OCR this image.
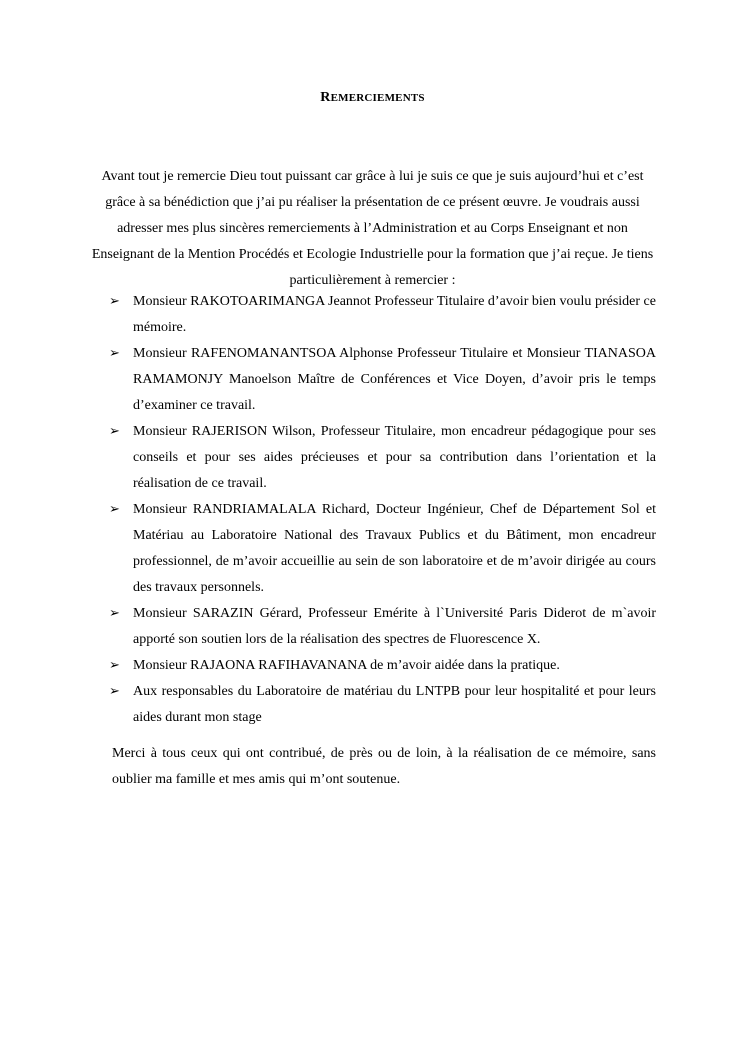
REMERCIEMENTS

Avant tout je remercie Dieu tout puissant car grâce à lui je suis ce que je suis aujourd’hui et c’est grâce à sa bénédiction que j’ai pu réaliser la présentation de ce présent œuvre. Je voudrais aussi adresser mes plus sincères remerciements à l’Administration et au Corps Enseignant et non Enseignant de la Mention Procédés et Ecologie Industrielle pour la formation que j’ai reçue. Je tiens particulièrement à remercier :

➢ Monsieur RAKOTOARIMANGA Jeannot Professeur Titulaire d’avoir bien voulu présider ce mémoire.
➢ Monsieur RAFENOMANANTSOA Alphonse Professeur Titulaire et Monsieur TIANASOA RAMAMONJY Manoelson Maître de Conférences et Vice Doyen, d’avoir pris le temps d’examiner ce travail.
➢ Monsieur RAJERISON Wilson, Professeur Titulaire, mon encadreur pédagogique pour ses conseils et pour ses aides précieuses et pour sa contribution dans l’orientation et la réalisation de ce travail.
➢ Monsieur RANDRIAMALALA Richard, Docteur Ingénieur, Chef de Département Sol et Matériau au Laboratoire National des Travaux Publics et du Bâtiment, mon encadreur professionnel, de m’avoir accueillie au sein de son laboratoire et de m’avoir dirigée au cours des travaux personnels.
➢ Monsieur SARAZIN Gérard, Professeur Emérite à l`Université Paris Diderot de m`avoir apporté son soutien lors de la réalisation des spectres de Fluorescence X.
➢ Monsieur RAJAONA RAFIHAVANANA de m’avoir aidée dans la pratique.
➢ Aux responsables du Laboratoire de matériau du LNTPB pour leur hospitalité et pour leurs aides durant mon stage

Merci à tous ceux qui ont contribué, de près ou de loin, à la réalisation de ce mémoire, sans oublier ma famille et mes amis qui m’ont soutenue.
